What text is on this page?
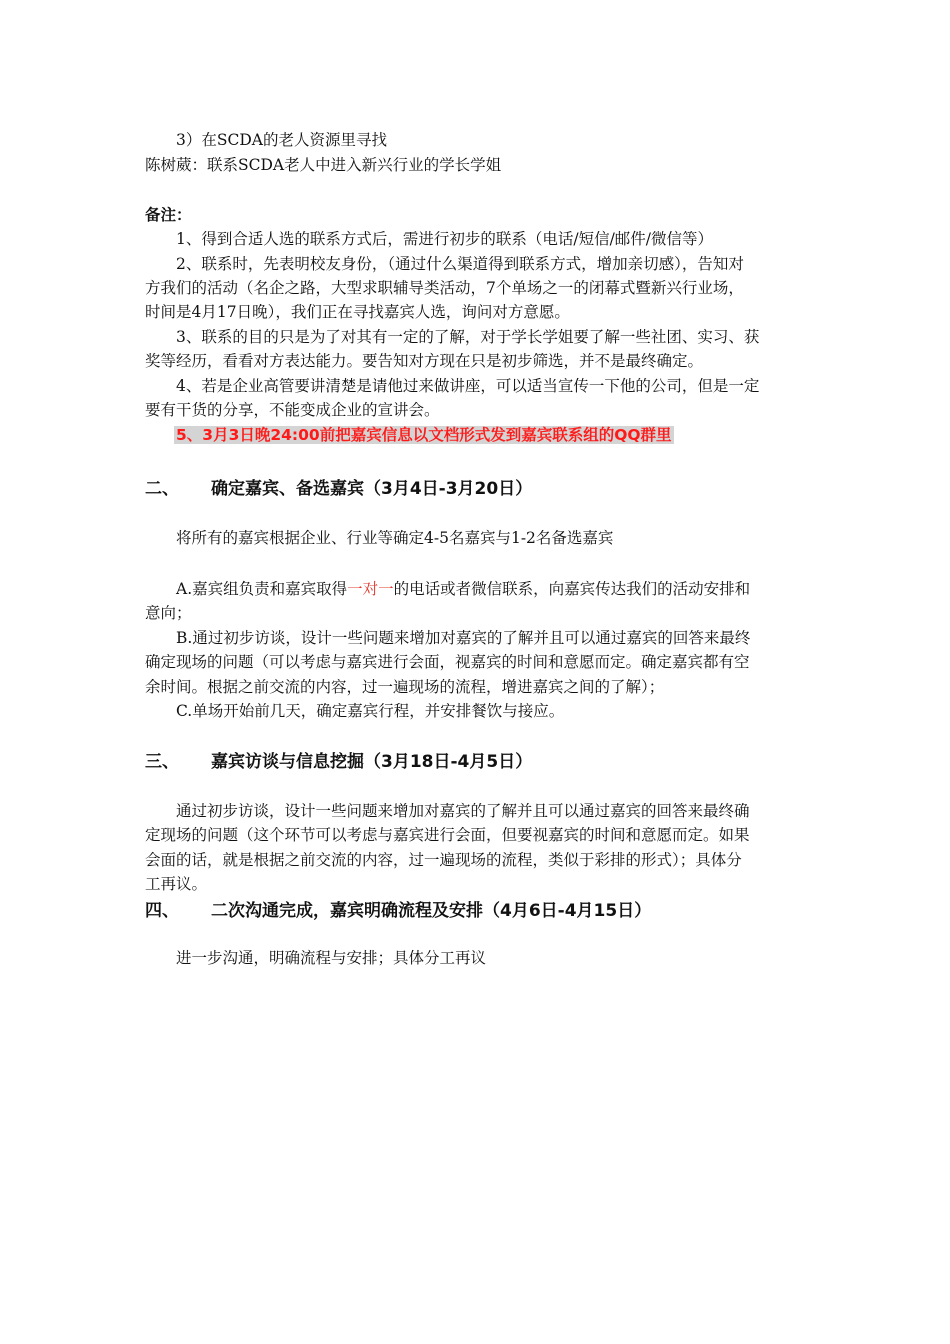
3）在SCDA的老人资源里寻找
陈树葳：联系SCDA老人中进入新兴行业的学长学姐
备注：
1、得到合适人选的联系方式后，需进行初步的联系（电话/短信/邮件/微信等）
2、联系时，先表明校友身份，（通过什么渠道得到联系方式，增加亲切感），告知对
方我们的活动（名企之路，大型求职辅导类活动，7个单场之一的闭幕式暨新兴行业场，
时间是4月17日晚），我们正在寻找嘉宾人选，询问对方意愿。
3、联系的目的只是为了对其有一定的了解，对于学长学姐要了解一些社团、实习、获
奖等经历，看看对方表达能力。要告知对方现在只是初步筛选，并不是最终确定。
4、若是企业高管要讲清楚是请他过来做讲座，可以适当宣传一下他的公司，但是一定
要有干货的分享，不能变成企业的宣讲会。
5、3月3日晚24:00前把嘉宾信息以文档形式发到嘉宾联系组的QQ群里
二、 确定嘉宾、备选嘉宾（3月4日-3月20日）
将所有的嘉宾根据企业、行业等确定4-5名嘉宾与1-2名备选嘉宾
A.嘉宾组负责和嘉宾取得一对一的电话或者微信联系，向嘉宾传达我们的活动安排和
意向；
B.通过初步访谈，设计一些问题来增加对嘉宾的了解并且可以通过嘉宾的回答来最终
确定现场的问题（可以考虑与嘉宾进行会面，视嘉宾的时间和意愿而定。确定嘉宾都有空
余时间。根据之前交流的内容，过一遍现场的流程，增进嘉宾之间的了解）；
C.单场开始前几天，确定嘉宾行程，并安排餐饮与接应。
三、 嘉宾访谈与信息挖掘（3月18日-4月5日）
通过初步访谈，设计一些问题来增加对嘉宾的了解并且可以通过嘉宾的回答来最终确
定现场的问题（这个环节可以考虑与嘉宾进行会面，但要视嘉宾的时间和意愿而定。如果
会面的话，就是根据之前交流的内容，过一遍现场的流程，类似于彩排的形式）；具体分
工再议。
四、 二次沟通完成，嘉宾明确流程及安排（4月6日-4月15日）
进一步沟通，明确流程与安排；具体分工再议
